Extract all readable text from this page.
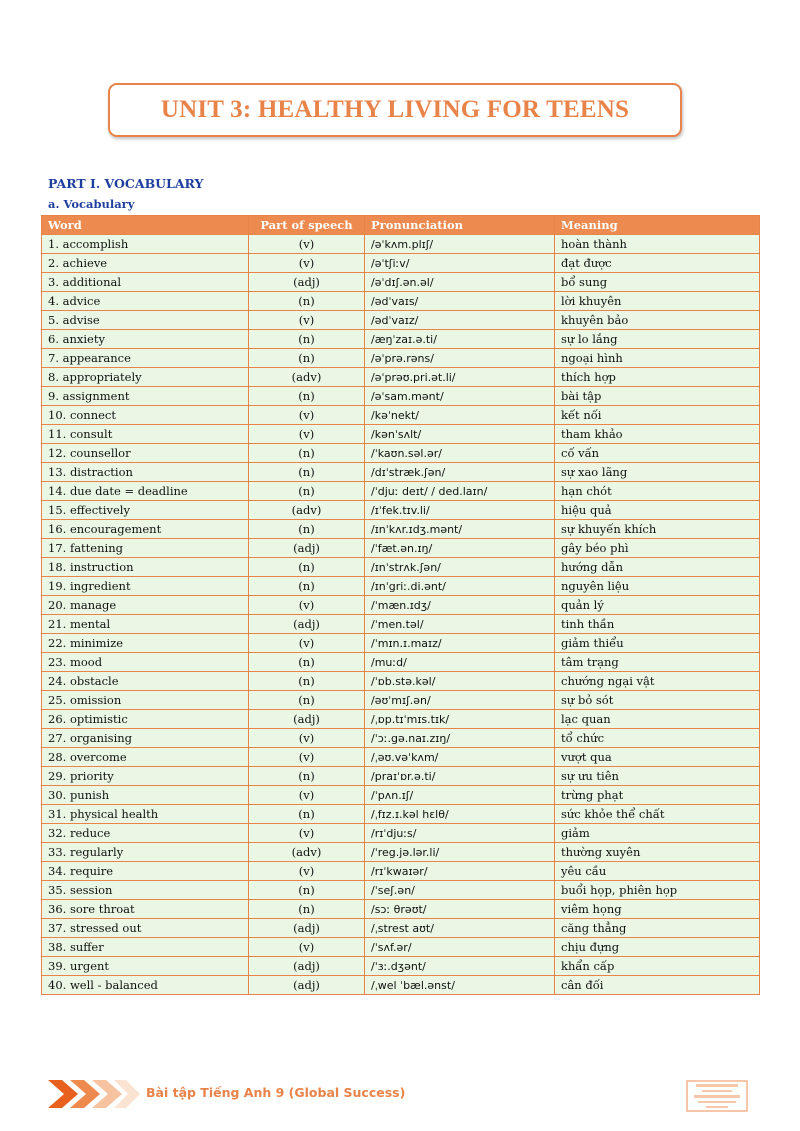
UNIT 3: HEALTHY LIVING FOR TEENS
PART I. VOCABULARY
a. Vocabulary
Word	Part of speech	Pronunciation	Meaning
1. accomplish	(v)	/əˈkʌm.plɪʃ/	hoàn thành
2. achieve	(v)	/əˈtʃiːv/	đạt được
3. additional	(adj)	/əˈdɪʃ.ən.əl/	bổ sung
4. advice	(n)	/ədˈvaɪs/	lời khuyên
5. advise	(v)	/ədˈvaɪz/	khuyên bảo
6. anxiety	(n)	/æŋˈzaɪ.ə.ti/	sự lo lắng
7. appearance	(n)	/əˈprə.rəns/	ngoại hình
8. appropriately	(adv)	/əˈprəʊ.pri.ət.li/	thích hợp
9. assignment	(n)	/əˈsam.mənt/	bài tập
10. connect	(v)	/kəˈnekt/	kết nối
11. consult	(v)	/kənˈsʌlt/	tham khảo
12. counsellor	(n)	/ˈkaʊn.səl.ər/	cố vấn
13. distraction	(n)	/dɪˈstræk.ʃən/	sự xao lãng
14. due date = deadline	(n)	/ˈdjuː deɪt/ / ded.laɪn/	hạn chót
15. effectively	(adv)	/ɪˈfek.tɪv.li/	hiệu quả
16. encouragement	(n)	/ɪnˈkʌr.ɪdʒ.mənt/	sự khuyến khích
17. fattening	(adj)	/ˈfæt.ən.ɪŋ/	gây béo phì
18. instruction	(n)	/ɪnˈstrʌk.ʃən/	hướng dẫn
19. ingredient	(n)	/ɪnˈgriː.di.ənt/	nguyên liệu
20. manage	(v)	/ˈmæn.ɪdʒ/	quản lý
21. mental	(adj)	/ˈmen.təl/	tinh thần
22. minimize	(v)	/ˈmɪn.ɪ.maɪz/	giảm thiểu
23. mood	(n)	/muːd/	tâm trạng
24. obstacle	(n)	/ˈɒb.stə.kəl/	chướng ngại vật
25. omission	(n)	/əʊˈmɪʃ.ən/	sự bỏ sót
26. optimistic	(adj)	/ˌɒp.tɪˈmɪs.tɪk/	lạc quan
27. organising	(v)	/ˈɔː.gə.naɪ.zɪŋ/	tổ chức
28. overcome	(v)	/ˌəʊ.vəˈkʌm/	vượt qua
29. priority	(n)	/praɪˈɒr.ə.ti/	sự ưu tiên
30. punish	(v)	/ˈpʌn.ɪʃ/	trừng phạt
31. physical health	(n)	/ˌfɪz.ɪ.kəl hɛlθ/	sức khỏe thể chất
32. reduce	(v)	/rɪˈdjuːs/	giảm
33. regularly	(adv)	/ˈreg.jə.lər.li/	thường xuyên
34. require	(v)	/rɪˈkwaɪər/	yêu cầu
35. session	(n)	/ˈseʃ.ən/	buổi họp, phiên họp
36. sore throat	(n)	/sɔː θrəʊt/	viêm họng
37. stressed out	(adj)	/ˌstrest aʊt/	căng thẳng
38. suffer	(v)	/ˈsʌf.ər/	chịu đựng
39. urgent	(adj)	/ˈɜː.dʒənt/	khẩn cấp
40. well - balanced	(adj)	/ˌwel ˈbæl.ənst/	cân đối
Bài tập Tiếng Anh 9 (Global Success)
